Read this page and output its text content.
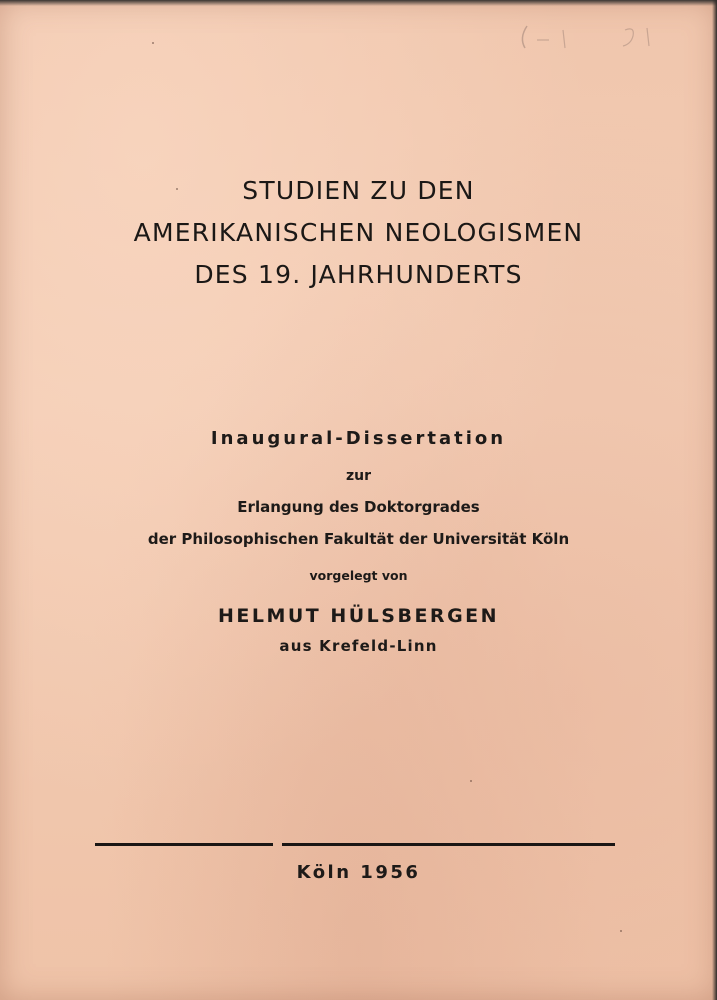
STUDIEN ZU DEN
AMERIKANISCHEN NEOLOGISMEN
DES 19. JAHRHUNDERTS
Inaugural-Dissertation
zur
Erlangung des Doktorgrades
der Philosophischen Fakultät der Universität Köln
vorgelegt von
HELMUT HÜLSBERGEN
aus Krefeld-Linn
Köln 1956
